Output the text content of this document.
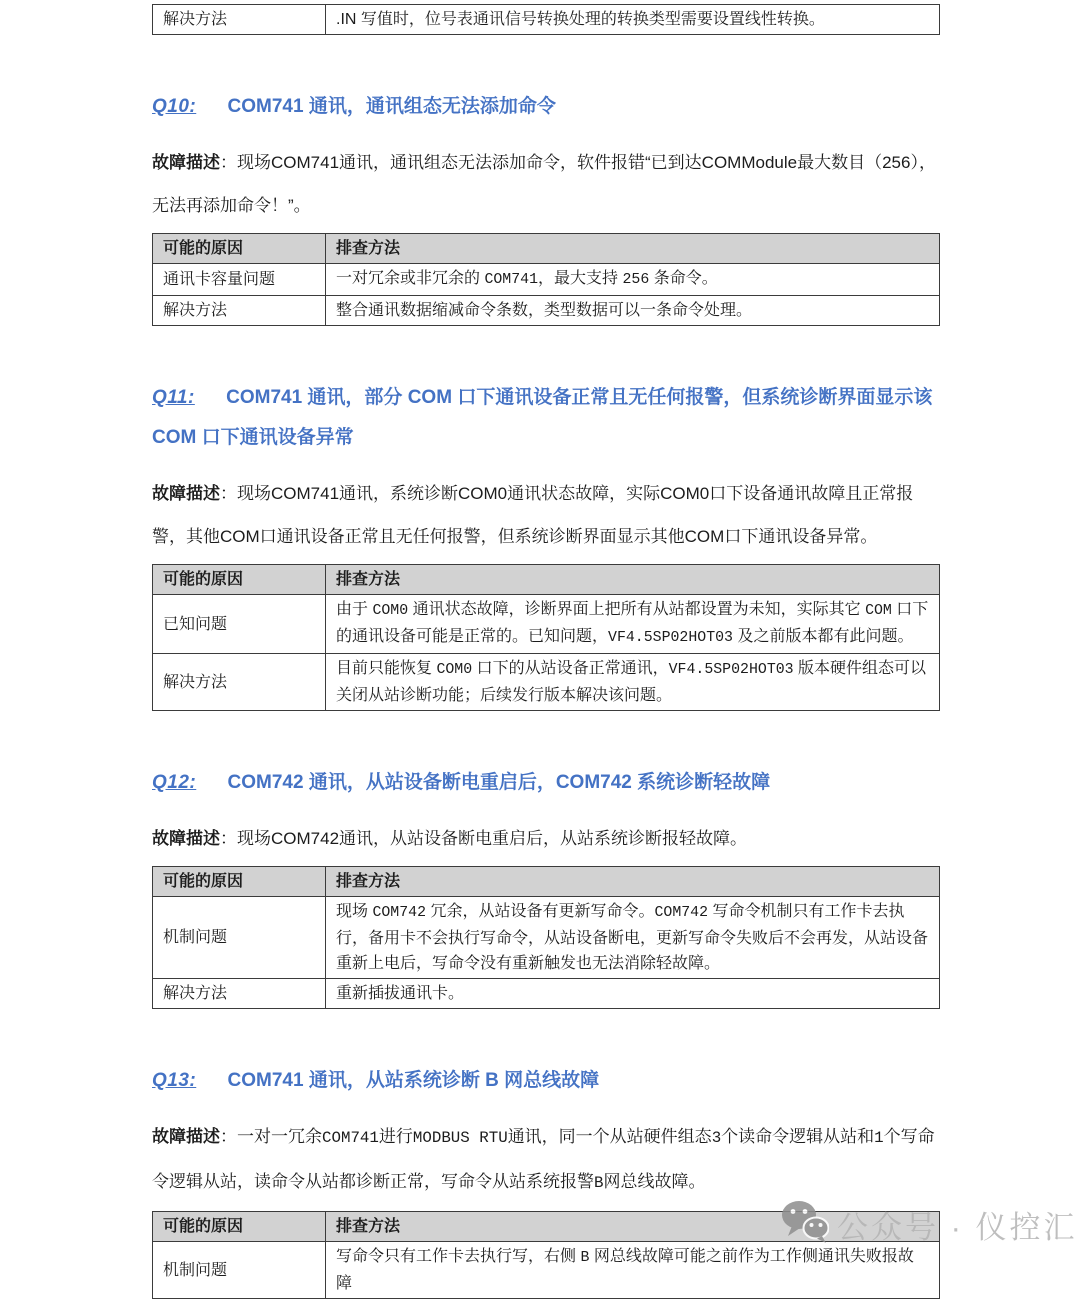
解决方法	.IN 写值时，位号表通讯信号转换处理的转换类型需要设置线性转换。
Q10: COM741 通讯，通讯组态无法添加命令

故障描述：现场COM741通讯，通讯组态无法添加命令，软件报错“已到达COMModule最大数目（256），无法再添加命令！”。

可能的原因	排查方法
通讯卡容量问题	一对冗余或非冗余的 COM741，最大支持 256 条命令。
解决方法	整合通讯数据缩减命令条数，类型数据可以一条命令处理。
Q11: COM741 通讯，部分 COM 口下通讯设备正常且无任何报警，但系统诊断界面显示该 COM 口下通讯设备异常

故障描述：现场COM741通讯，系统诊断COM0通讯状态故障，实际COM0口下设备通讯故障且正常报警，其他COM口通讯设备正常且无任何报警，但系统诊断界面显示其他COM口下通讯设备异常。

可能的原因	排查方法
已知问题	由于 COM0 通讯状态故障，诊断界面上把所有从站都设置为未知，实际其它 COM 口下的通讯设备可能是正常的。已知问题，VF4.5SP02HOT03 及之前版本都有此问题。
解决方法	目前只能恢复 COM0 口下的从站设备正常通讯，VF4.5SP02HOT03 版本硬件组态可以关闭从站诊断功能；后续发行版本解决该问题。
Q12: COM742 通讯，从站设备断电重启后，COM742 系统诊断轻故障

故障描述：现场COM742通讯，从站设备断电重启后，从站系统诊断报轻故障。

可能的原因	排查方法
机制问题	现场 COM742 冗余，从站设备有更新写命令。COM742 写命令机制只有工作卡去执行，备用卡不会执行写命令，从站设备断电，更新写命令失败后不会再发，从站设备重新上电后，写命令没有重新触发也无法消除轻故障。
解决方法	重新插拔通讯卡。
Q13: COM741 通讯，从站系统诊断 B 网总线故障

故障描述：一对一冗余COM741进行MODBUS RTU通讯，同一个从站硬件组态3个读命令逻辑从站和1个写命令逻辑从站，读命令从站都诊断正常，写命令从站系统报警B网总线故障。

可能的原因	排查方法
机制问题	写命令只有工作卡去执行写，右侧 B 网总线故障可能之前作为工作侧通讯失败报故障
公众号 · 仪控汇
